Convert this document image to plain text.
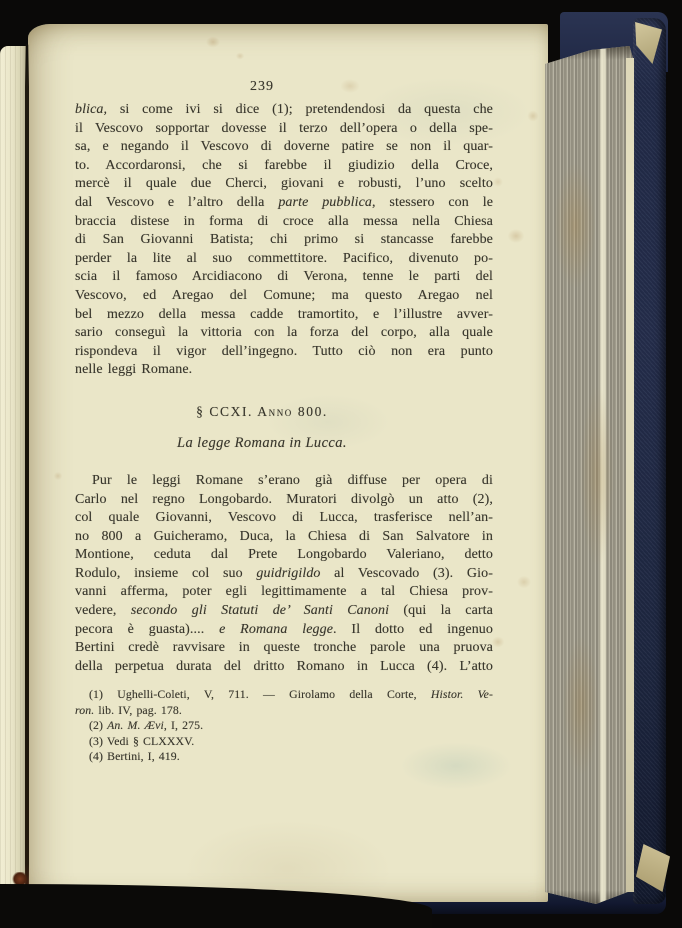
239
blica, si come ivi si dice (1); pretendendosi da questa che
il Vescovo sopportar dovesse il terzo dell’opera o della spe-
sa, e negando il Vescovo di doverne patire se non il quar-
to. Accordaronsi, che si farebbe il giudizio della Croce,
mercè il quale due Cherci, giovani e robusti, l’uno scelto
dal Vescovo e l’altro della parte pubblica, stessero con le
braccia distese in forma di croce alla messa nella Chiesa
di San Giovanni Batista; chi primo si stancasse farebbe
perder la lite al suo commettitore. Pacifico, divenuto po-
scia il famoso Arcidiacono di Verona, tenne le parti del
Vescovo, ed Aregao del Comune; ma questo Aregao nel
bel mezzo della messa cadde tramortito, e l’illustre avver-
sario conseguì la vittoria con la forza del corpo, alla quale
rispondeva il vigor dell’ingegno. Tutto ciò non era punto
nelle leggi Romane.
§ CCXI. Anno 800.
La legge Romana in Lucca.
Pur le leggi Romane s’erano già diffuse per opera di
Carlo nel regno Longobardo. Muratori divolgò un atto (2),
col quale Giovanni, Vescovo di Lucca, trasferisce nell’an-
no 800 a Guicheramo, Duca, la Chiesa di San Salvatore in
Montione, ceduta dal Prete Longobardo Valeriano, detto
Rodulo, insieme col suo guidrigildo al Vescovado (3). Gio-
vanni afferma, poter egli legittimamente a tal Chiesa prov-
vedere, secondo gli Statuti de’ Santi Canoni (qui la carta
pecora è guasta).... e Romana legge. Il dotto ed ingenuo
Bertini credè ravvisare in queste tronche parole una pruova
della perpetua durata del dritto Romano in Lucca (4). L’atto
(1) Ughelli-Coleti, V, 711. — Girolamo della Corte, Histor. Ve-
ron. lib. IV, pag. 178.
(2) An. M. Ævi, I, 275.
(3) Vedi § CLXXXV.
(4) Bertini, I, 419.
